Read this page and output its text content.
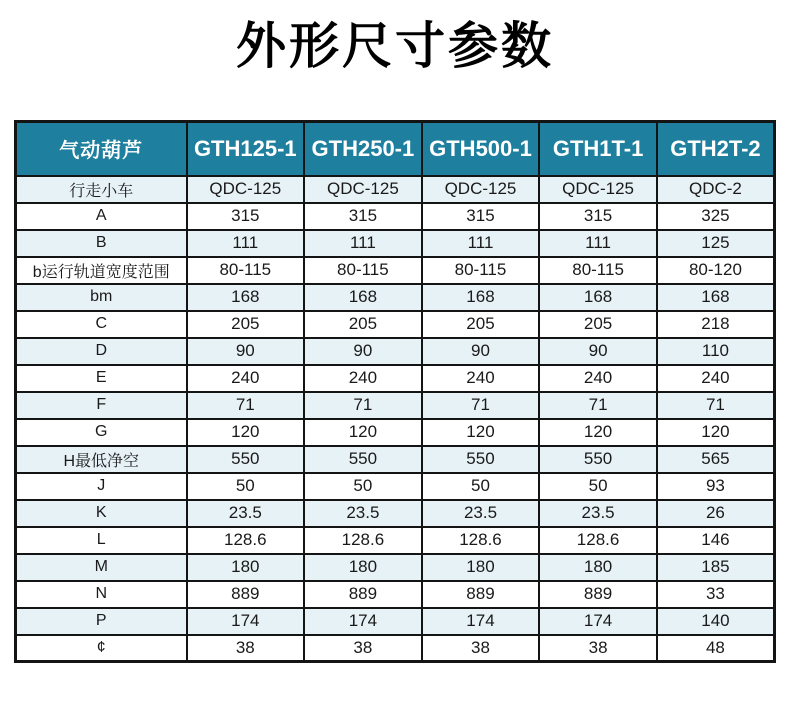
外形尺寸参数
气动葫芦	GTH125-1	GTH250-1	GTH500-1	GTH1T-1	GTH2T-2
行走小车	QDC-125	QDC-125	QDC-125	QDC-125	QDC-2
A	315	315	315	315	325
B	111	111	111	111	125
b运行轨道宽度范围	80-115	80-115	80-115	80-115	80-120
bm	168	168	168	168	168
C	205	205	205	205	218
D	90	90	90	90	110
E	240	240	240	240	240
F	71	71	71	71	71
G	120	120	120	120	120
H最低净空	550	550	550	550	565
J	50	50	50	50	93
K	23.5	23.5	23.5	23.5	26
L	128.6	128.6	128.6	128.6	146
M	180	180	180	180	185
N	889	889	889	889	33
P	174	174	174	174	140
¢	38	38	38	38	48
